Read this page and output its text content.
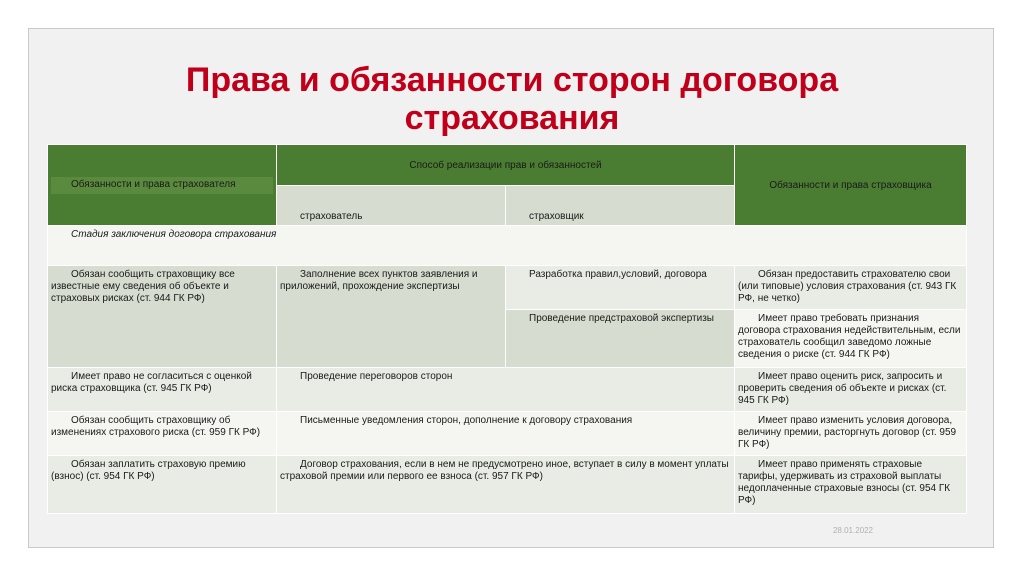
Права и обязанности сторон договора
страхования
Обязанности и права страхователя	Способ реализации прав и обязанностей		Обязанности и права страховщика

	страхователь	страховщик	

Стадия заключения договора страхования			

Обязан сообщить страховщику все известные ему сведения об объекте и страховых рисках (ст. 944 ГК РФ)	Заполнение всех пунктов заявления и приложений, прохождение экспертизы	Разработка правил,условий, договора	Обязан предоставить страхователю свои (или типовые) условия страхования (ст. 943 ГК РФ, не четко)
		Проведение предстраховой экспертизы	Имеет право требовать признания договора страхования недействительным, если страхователь сообщил заведомо ложные сведения о риске (ст. 944 ГК РФ)
Имеет право не согласиться с оценкой риска страховщика (ст. 945 ГК РФ)	Проведение переговоров сторон		Имеет право оценить риск, запросить и проверить сведения об объекте и рисках (ст. 945 ГК РФ)
Обязан сообщить страховщику об изменениях страхового риска (ст. 959 ГК РФ)	Письменные уведомления сторон, дополнение к договору страхования		Имеет право изменить условия договора, величину премии, расторгнуть договор (ст. 959 ГК РФ)
Обязан заплатить страховую премию (взнос) (ст. 954 ГК РФ)	Договор страхования, если в нем не предусмотрено иное, вступает в силу в момент уплаты страховой премии или первого ее взноса (ст. 957 ГК РФ)		Имеет право применять страховые тарифы, удерживать из страховой выплаты недоплаченные страховые взносы (ст. 954 ГК РФ)
28.01.2022
